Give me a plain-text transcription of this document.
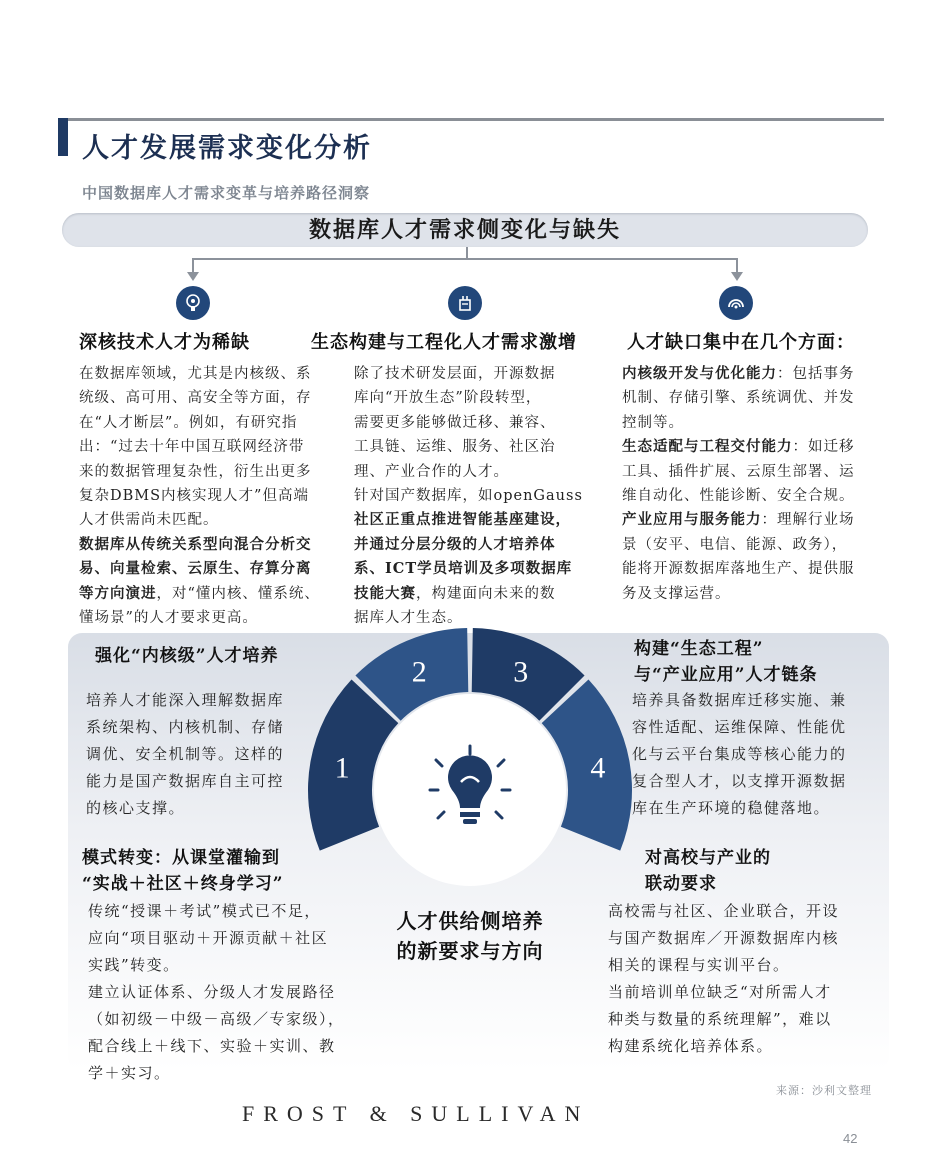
人才发展需求变化分析
中国数据库人才需求变革与培养路径洞察
数据库人才需求侧变化与缺失
深核技术人才为稀缺

在数据库领域，尤其是内核级、系

统级、高可用、高安全等方面，存

在“人才断层”。例如，有研究指

出：“过去十年中国互联网经济带

来的数据管理复杂性，衍生出更多

复杂DBMS内核实现人才”但高端

人才供需尚未匹配。

数据库从传统关系型向混合分析交

易、向量检索、云原生、存算分离

等方向演进，对“懂内核、懂系统、

懂场景”的人才要求更高。

生态构建与工程化人才需求激增

除了技术研发层面，开源数据

库向“开放生态”阶段转型，

需要更多能够做迁移、兼容、

工具链、运维、服务、社区治

理、产业合作的人才。

针对国产数据库，如openGauss

社区正重点推进智能基座建设，

并通过分层分级的人才培养体

系、ICT学员培训及多项数据库

技能大赛，构建面向未来的数

据库人才生态。

人才缺口集中在几个方面：

内核级开发与优化能力：包括事务

机制、存储引擎、系统调优、并发

控制等。

生态适配与工程交付能力：如迁移

工具、插件扩展、云原生部署、运

维自动化、性能诊断、安全合规。

产业应用与服务能力：理解行业场

景（安平、电信、能源、政务），

能将开源数据库落地生产、提供服

务及支撑运营。

1
2	3
4
人才供给侧培养
的新要求与方向
强化“内核级”人才培养
培养人才能深入理解数据库
系统架构、内核机制、存储
调优、安全机制等。这样的
能力是国产数据库自主可控
的核心支撑。
构建“生态工程”
与“产业应用”人才链条
培养具备数据库迁移实施、兼
容性适配、运维保障、性能优
化与云平台集成等核心能力的
复合型人才，以支撑开源数据
库在生产环境的稳健落地。
模式转变：从课堂灌输到
“实战＋社区＋终身学习”
传统“授课＋考试”模式已不足，
应向“项目驱动＋开源贡献＋社区
实践”转变。
建立认证体系、分级人才发展路径
（如初级－中级－高级／专家级），
配合线上＋线下、实验＋实训、教
学＋实习。
对高校与产业的
联动要求
高校需与社区、企业联合，开设
与国产数据库／开源数据库内核
相关的课程与实训平台。
当前培训单位缺乏“对所需人才
种类与数量的系统理解”，难以
构建系统化培养体系。
来源：沙利文整理
FROST & SULLIVAN
42
